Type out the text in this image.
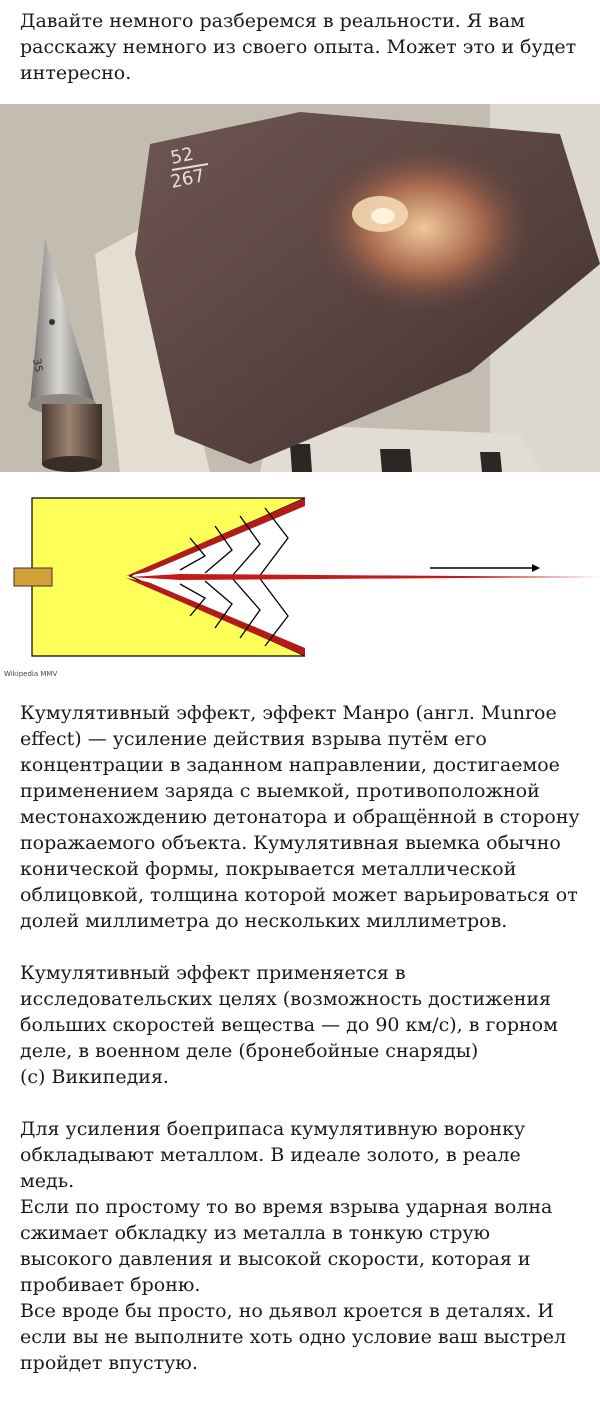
Давайте немного разберемся в реальности. Я вам расскажу немного из своего опыта. Может это и будет интересно.
52
267
35
Wikipedia MMV

Кумулятивный эффект, эффект Манро (англ. Munroe effect) — усиление действия взрыва путём его концентрации в заданном направлении, достигаемое применением заряда с выемкой, противоположной местонахождению детонатора и обращённой в сторону поражаемого объекта. Кумулятивная выемка обычно конической формы, покрывается металлической облицовкой, толщина которой может варьироваться от долей миллиметра до нескольких миллиметров.

Кумулятивный эффект применяется в исследовательских целях (возможность достижения больших скоростей вещества — до 90 км/с), в горном деле, в военном деле (бронебойные снаряды)
(с) Википедия.

Для усиления боеприпаса кумулятивную воронку обкладывают металлом. В идеале золото, в реале медь.
Если по простому то во время взрыва ударная волна сжимает обкладку из металла в тонкую струю высокого давления и высокой скорости, которая и пробивает броню.
Все вроде бы просто, но дьявол кроется в деталях. И если вы не выполните хоть одно условие ваш выстрел пройдет впустую.
